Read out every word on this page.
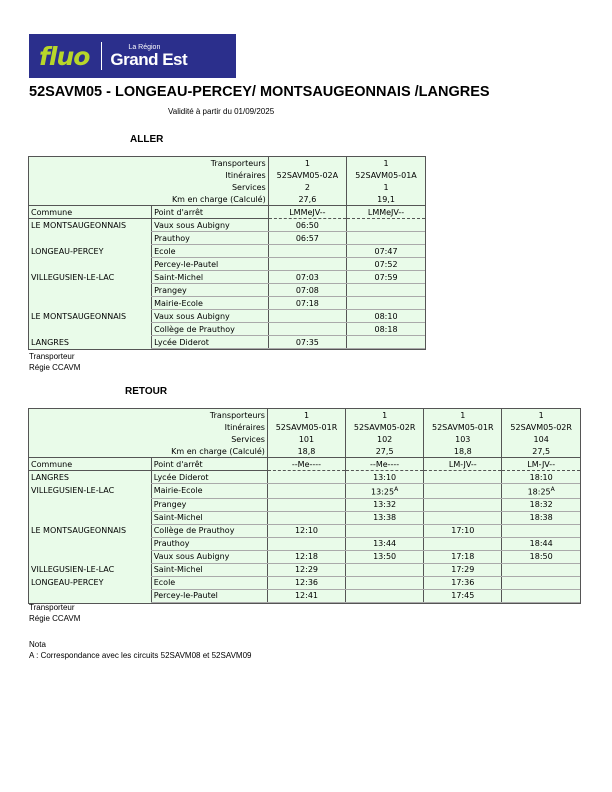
fluo	La Région
Grand Est
52SAVM05 - LONGEAU-PERCEY/ MONTSAUGEONNAIS /LANGRES
Validité à partir du 01/09/2025
ALLER
Transporteurs		1	1
Itinéraires		52SAVM05-02A	52SAVM05-01A
Services		2	1
Km en charge (Calculé)		27,6	19,1
Commune	Point d'arrêt	LMMeJV--	LMMeJV--
LE MONTSAUGEONNAIS	Vaux sous Aubigny	06:50	
	Prauthoy	06:57	
LONGEAU-PERCEY	Ecole		07:47
	Percey-le-Pautel		07:52
VILLEGUSIEN-LE-LAC	Saint-Michel	07:03	07:59
	Prangey	07:08	
	Mairie-Ecole	07:18	
LE MONTSAUGEONNAIS	Vaux sous Aubigny		08:10
	Collège de Prauthoy		08:18
LANGRES	Lycée Diderot	07:35	
Transporteur
Régie CCAVM
RETOUR
Transporteurs		1	1	1	1
Itinéraires		52SAVM05-01R	52SAVM05-02R	52SAVM05-01R	52SAVM05-02R
Services		101	102	103	104
Km en charge (Calculé)		18,8	27,5	18,8	27,5
Commune	Point d'arrêt	--Me----	--Me----	LM-JV--	LM-JV--
LANGRES	Lycée Diderot		13:10		18:10
VILLEGUSIEN-LE-LAC	Mairie-Ecole		13:25$^A$		18:25$^A$
	Prangey		13:32		18:32
	Saint-Michel		13:38		18:38
LE MONTSAUGEONNAIS	Collège de Prauthoy	12:10		17:10	
	Prauthoy		13:44		18:44
	Vaux sous Aubigny	12:18	13:50	17:18	18:50
VILLEGUSIEN-LE-LAC	Saint-Michel	12:29		17:29	
LONGEAU-PERCEY	Ecole	12:36		17:36	
	Percey-le-Pautel	12:41		17:45	
Transporteur
Régie CCAVM
Nota
A : Correspondance avec les circuits 52SAVM08 et 52SAVM09
